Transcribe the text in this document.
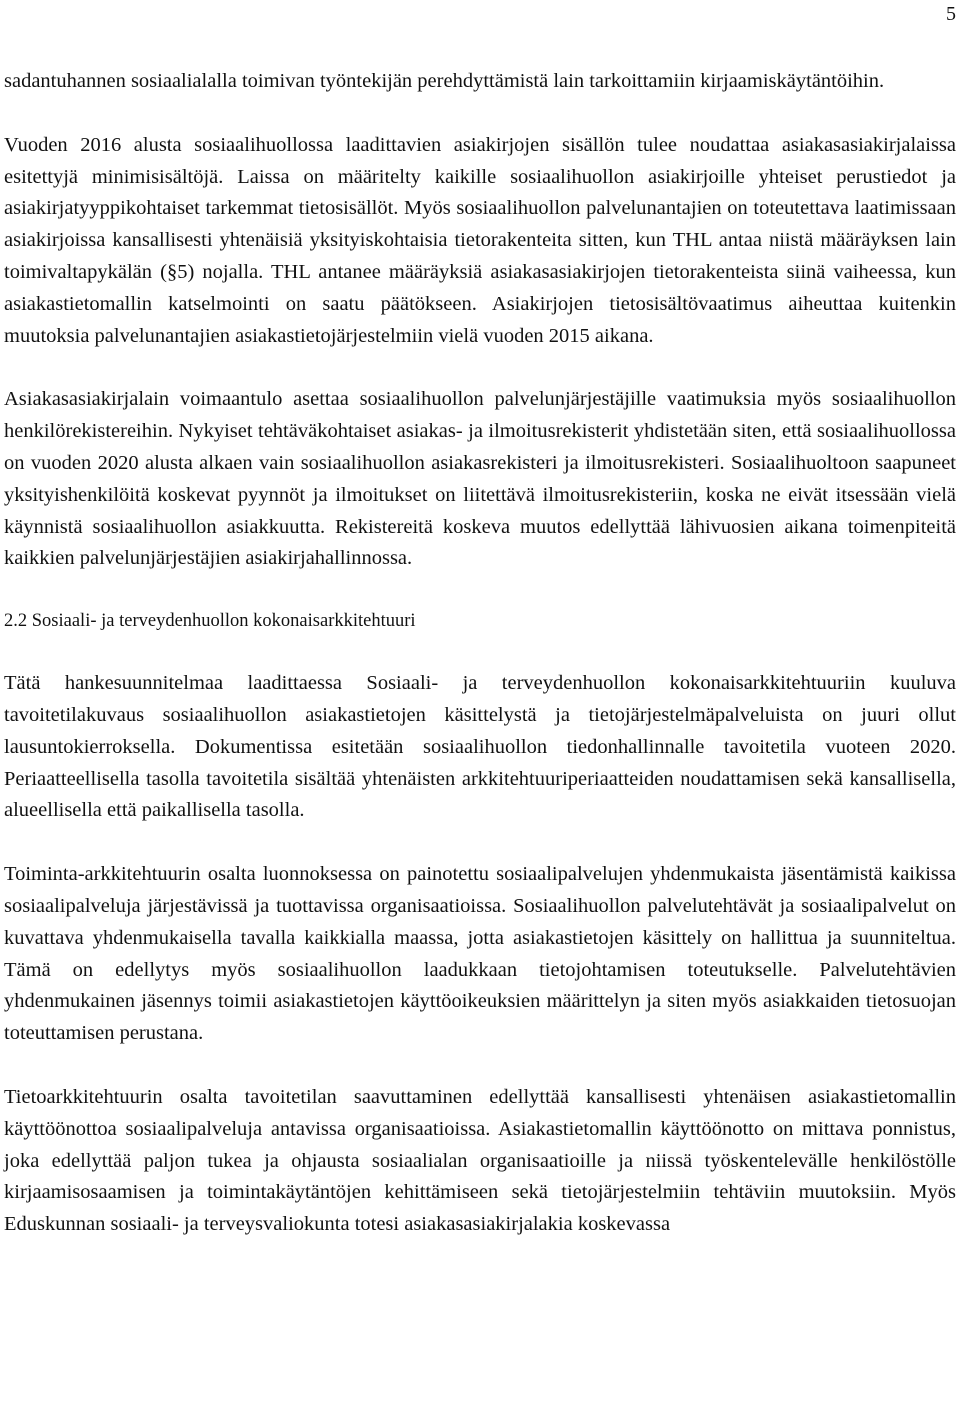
5

sadantuhannen sosiaalialalla toimivan työntekijän perehdyttämistä lain tarkoittamiin kirjaamiskäytäntöihin.

Vuoden 2016 alusta sosiaalihuollossa laadittavien asiakirjojen sisällön tulee noudattaa asiakasasiakirjalaissa esitettyjä minimisisältöjä. Laissa on määritelty kaikille sosiaalihuollon asiakirjoille yhteiset perustiedot ja asiakirjatyyppikohtaiset tarkemmat tietosisällöt. Myös sosiaalihuollon palvelunantajien on toteutettava laatimissaan asiakirjoissa kansallisesti yhtenäisiä yksityiskohtaisia tietorakenteita sitten, kun THL antaa niistä määräyksen lain toimivaltapykälän (§5) nojalla. THL antanee määräyksiä asiakasasiakirjojen tietorakenteista siinä vaiheessa, kun asiakastietomallin katselmointi on saatu päätökseen. Asiakirjojen tietosisältövaatimus aiheuttaa kuitenkin muutoksia palvelunantajien asiakastietojärjestelmiin vielä vuoden 2015 aikana.

Asiakasasiakirjalain voimaantulo asettaa sosiaalihuollon palvelunjärjestäjille vaatimuksia myös sosiaalihuollon henkilörekistereihin. Nykyiset tehtäväkohtaiset asiakas- ja ilmoitusrekisterit yhdistetään siten, että sosiaalihuollossa on vuoden 2020 alusta alkaen vain sosiaalihuollon asiakasrekisteri ja ilmoitusrekisteri. Sosiaalihuoltoon saapuneet yksityishenkilöitä koskevat pyynnöt ja ilmoitukset on liitettävä ilmoitusrekisteriin, koska ne eivät itsessään vielä käynnistä sosiaalihuollon asiakkuutta. Rekistereitä koskeva muutos edellyttää lähivuosien aikana toimenpiteitä kaikkien palvelunjärjestäjien asiakirjahallinnossa.

2.2 Sosiaali- ja terveydenhuollon kokonaisarkkitehtuuri

Tätä hankesuunnitelmaa laadittaessa Sosiaali- ja terveydenhuollon kokonaisarkkitehtuuriin kuuluva tavoitetilakuvaus sosiaalihuollon asiakastietojen käsittelystä ja tietojärjestelmäpalveluista on juuri ollut lausuntokierroksella. Dokumentissa esitetään sosiaalihuollon tiedonhallinnalle tavoitetila vuoteen 2020. Periaatteellisella tasolla tavoitetila sisältää yhtenäisten arkkitehtuuriperiaatteiden noudattamisen sekä kansallisella, alueellisella että paikallisella tasolla.

Toiminta-arkkitehtuurin osalta luonnoksessa on painotettu sosiaalipalvelujen yhdenmukaista jäsentämistä kaikissa sosiaalipalveluja järjestävissä ja tuottavissa organisaatioissa. Sosiaalihuollon palvelutehtävät ja sosiaalipalvelut on kuvattava yhdenmukaisella tavalla kaikkialla maassa, jotta asiakastietojen käsittely on hallittua ja suunniteltua. Tämä on edellytys myös sosiaalihuollon laadukkaan tietojohtamisen toteutukselle. Palvelutehtävien yhdenmukainen jäsennys toimii asiakastietojen käyttöoikeuksien määrittelyn ja siten myös asiakkaiden tietosuojan toteuttamisen perustana.

Tietoarkkitehtuurin osalta tavoitetilan saavuttaminen edellyttää kansallisesti yhtenäisen asiakastietomallin käyttöönottoa sosiaalipalveluja antavissa organisaatioissa. Asiakastietomallin käyttöönotto on mittava ponnistus, joka edellyttää paljon tukea ja ohjausta sosiaalialan organisaatioille ja niissä työskentelevälle henkilöstölle kirjaamisosaamisen ja toimintakäytäntöjen kehittämiseen sekä tietojärjestelmiin tehtäviin muutoksiin. Myös Eduskunnan sosiaali- ja terveysvaliokunta totesi asiakasasiakirjalakia koskevassa
